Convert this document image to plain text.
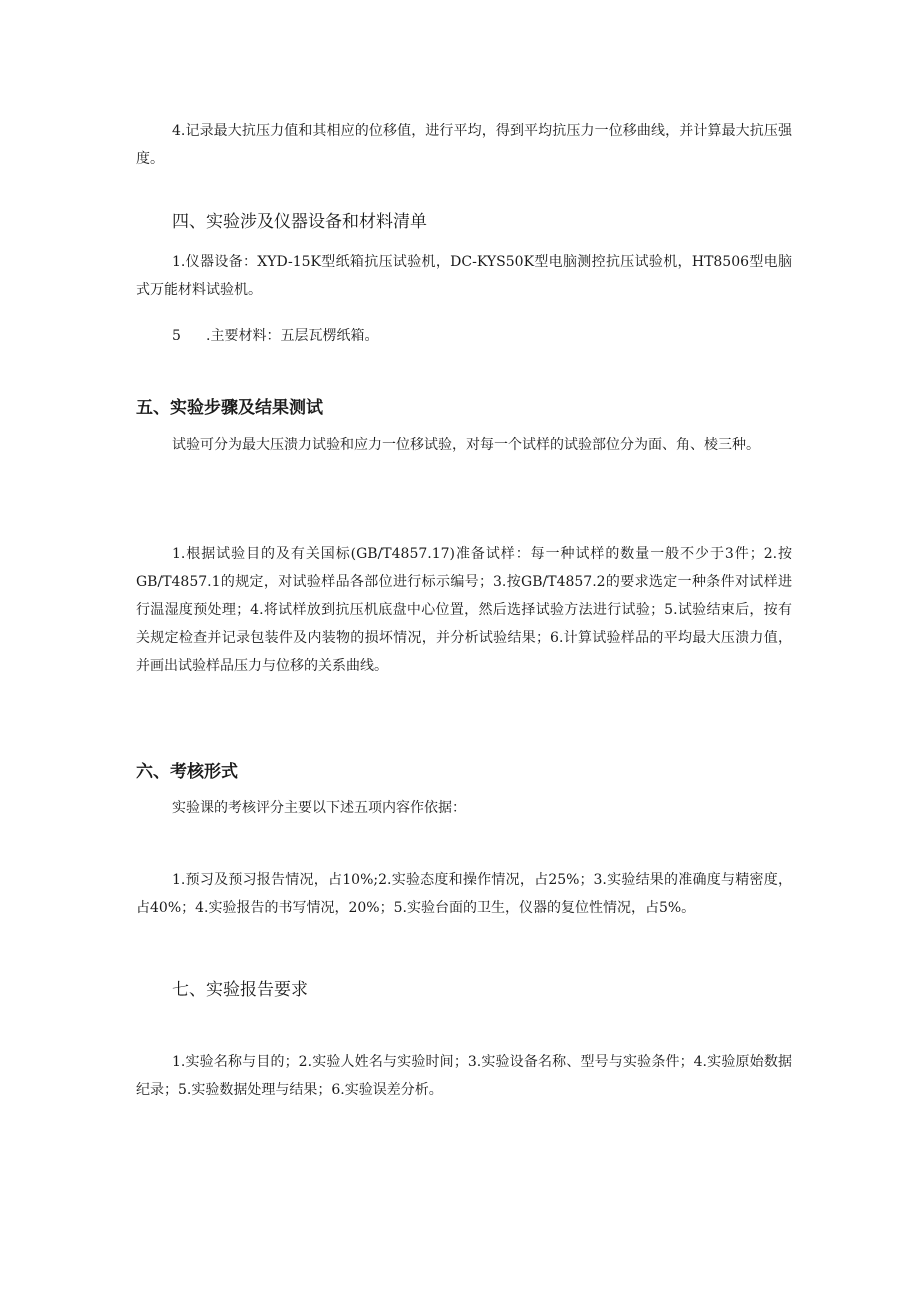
4.记录最大抗压力值和其相应的位移值，进行平均，得到平均抗压力一位移曲线，并计算最大抗压强度。

四、实验涉及仪器设备和材料清单

1.仪器设备：XYD-15K型纸箱抗压试验机，DC-KYS50K型电脑测控抗压试验机，HT8506型电脑式万能材料试验机。

5 .主要材料：五层瓦楞纸箱。
五、实验步骤及结果测试

试验可分为最大压溃力试验和应力一位移试验，对每一个试样的试验部位分为面、角、棱三种。

1.根据试验目的及有关国标(GB/T4857.17)准备试样：每一种试样的数量一般不少于3件；2.按GB/T4857.1的规定，对试验样品各部位进行标示编号；3.按GB/T4857.2的要求选定一种条件对试样进行温湿度预处理；4.将试样放到抗压机底盘中心位置，然后选择试验方法进行试验；5.试验结束后，按有关规定检查并记录包装件及内装物的损坏情况，并分析试验结果；6.计算试验样品的平均最大压溃力值，并画出试验样品压力与位移的关系曲线。

六、考核形式

实验课的考核评分主要以下述五项内容作依据：

1.预习及预习报告情况，占10%;2.实验态度和操作情况，占25%；3.实验结果的准确度与精密度，占40%；4.实验报告的书写情况，20%；5.实验台面的卫生，仪器的复位性情况，占5%。

七、实验报告要求

1.实验名称与目的；2.实验人姓名与实验时间；3.实验设备名称、型号与实验条件；4.实验原始数据纪录；5.实验数据处理与结果；6.实验误差分析。
